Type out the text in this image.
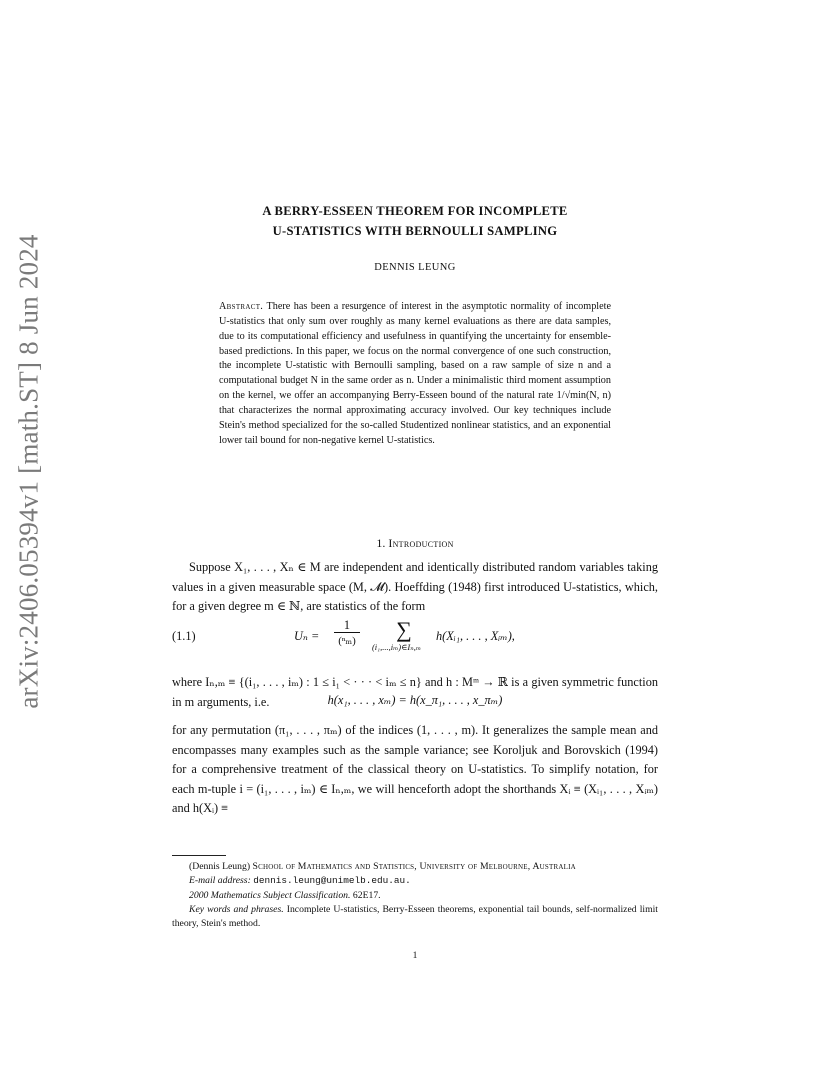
arXiv:2406.05394v1 [math.ST] 8 Jun 2024
A BERRY-ESSEEN THEOREM FOR INCOMPLETE
U-STATISTICS WITH BERNOULLI SAMPLING
DENNIS LEUNG
Abstract. There has been a resurgence of interest in the asymptotic normality of incomplete U-statistics that only sum over roughly as many kernel evaluations as there are data samples, due to its computational efficiency and usefulness in quantifying the uncertainty for ensemble-based predictions. In this paper, we focus on the normal convergence of one such construction, the incomplete U-statistic with Bernoulli sampling, based on a raw sample of size n and a computational budget N in the same order as n. Under a minimalistic third moment assumption on the kernel, we offer an accompanying Berry-Esseen bound of the natural rate 1/√min(N, n) that characterizes the normal approximating accuracy involved. Our key techniques include Stein's method specialized for the so-called Studentized nonlinear statistics, and an exponential lower tail bound for non-negative kernel U-statistics.
1. Introduction
Suppose X₁, . . . , Xₙ ∈ M are independent and identically distributed random variables taking values in a given measurable space (M, 𝓜). Hoeffding (1948) first introduced U-statistics, which, for a given degree m ∈ ℕ, are statistics of the form
(1.1)	$U_n = \frac{1}{\text{(ⁿₘ)}}$	∑
(i₁,...,iₘ)∈Iₙ,ₘ
h(Xᵢ₁, . . . , Xᵢₘ),
where Iₙ,ₘ ≡ {(i₁, . . . , iₘ) : 1 ≤ i₁ < · · · < iₘ ≤ n} and h : Mᵐ → ℝ is a given symmetric function in m arguments, i.e.	h(x₁, . . . , xₘ) = h(x_π₁, . . . , x_πₘ)
for any permutation (π₁, . . . , πₘ) of the indices (1, . . . , m). It generalizes the sample mean and encompasses many examples such as the sample variance; see Koroljuk and Borovskich (1994) for a comprehensive treatment of the classical theory on U-statistics. To simplify notation, for each m-tuple i = (i₁, . . . , iₘ) ∈ Iₙ,ₘ, we will henceforth adopt the shorthands Xᵢ ≡ (Xᵢ₁, . . . , Xᵢₘ) and h(Xᵢ) ≡
(Dennis Leung) School of Mathematics and Statistics, University of Melbourne, Australia
E-mail address: dennis.leung@unimelb.edu.au.
2000 Mathematics Subject Classification. 62E17.
Key words and phrases. Incomplete U-statistics, Berry-Esseen theorems, exponential tail bounds, self-normalized limit theory, Stein's method.
1
